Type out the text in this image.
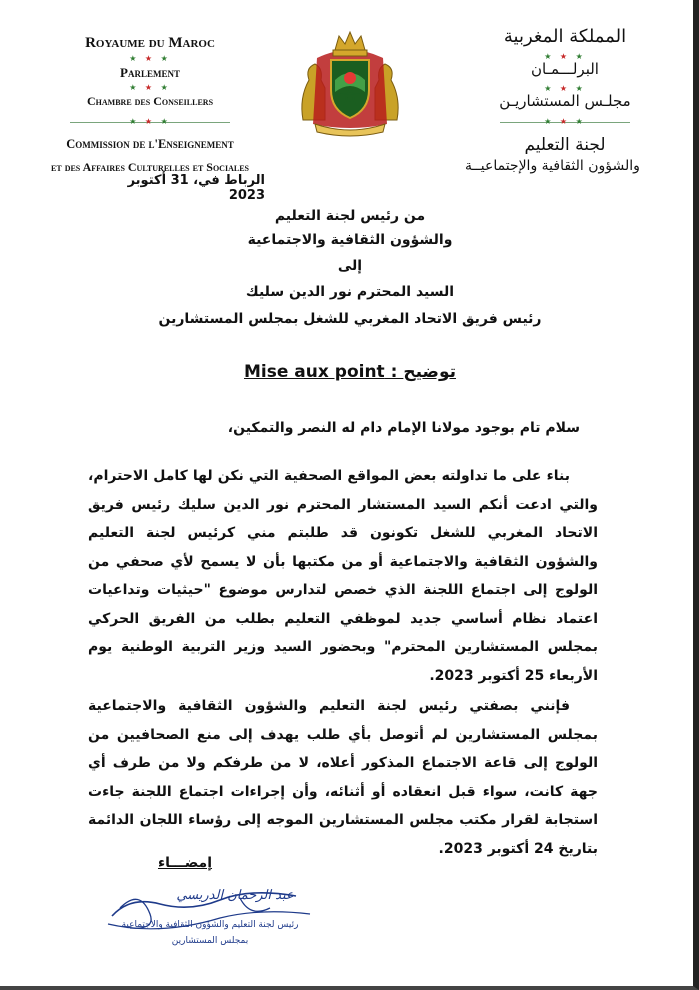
Royaume du Maroc
★ ★ ★
Parlement
★ ★ ★
Chambre des Conseillers
★ ★ ★
Commission de l'Enseignement
et des Affaires Culturelles et Sociales
الرباط في، 31 أكتوبر 2023
المملكة المغربية
★ ★ ★
البرلـــمـان
★ ★ ★
مجلـس المستشاريـن
★ ★ ★
لجنة التعليم
والشؤون الثقافية والإجتماعيــة
من رئيس لجنة التعليم
والشؤون الثقافية والاجتماعية
إلى
السيد المحترم نور الدين سليك
رئيس فريق الاتحاد المغربي للشغل بمجلس المستشارين
Mise aux point : توضيح
سلام تام بوجود مولانا الإمام دام له النصر والتمكين،

بناء على ما تداولته بعض المواقع الصحفية التي نكن لها كامل الاحترام، والتي ادعت أنكم السيد المستشار المحترم نور الدين سليك رئيس فريق الاتحاد المغربي للشغل تكونون قد طلبتم مني كرئيس لجنة التعليم والشؤون الثقافية والاجتماعية أو من مكتبها بأن لا يسمح لأي صحفي من الولوج إلى اجتماع اللجنة الذي خصص لتدارس موضوع "حيثيات وتداعيات اعتماد نظام أساسي جديد لموظفي التعليم بطلب من الفريق الحركي بمجلس المستشارين المحترم" وبحضور السيد وزير التربية الوطنية يوم الأربعاء 25 أكتوبر 2023.

فإنني بصفتي رئيس لجنة التعليم والشؤون الثقافية والاجتماعية بمجلس المستشارين لم أتوصل بأي طلب يهدف إلى منع الصحافيين من الولوج إلى قاعة الاجتماع المذكور أعلاه، لا من طرفكم ولا من طرف أي جهة كانت، سواء قبل انعقاده أو أثنائه، وأن إجراءات اجتماع اللجنة جاءت استجابة لقرار مكتب مجلس المستشارين الموجه إلى رؤساء اللجان الدائمة بتاريخ 24 أكتوبر 2023.

إمضـــاء
عبد الرحمان الدريسي
رئيس لجنة التعليم والشؤون الثقافية والاجتماعية
بمجلس المستشارين
